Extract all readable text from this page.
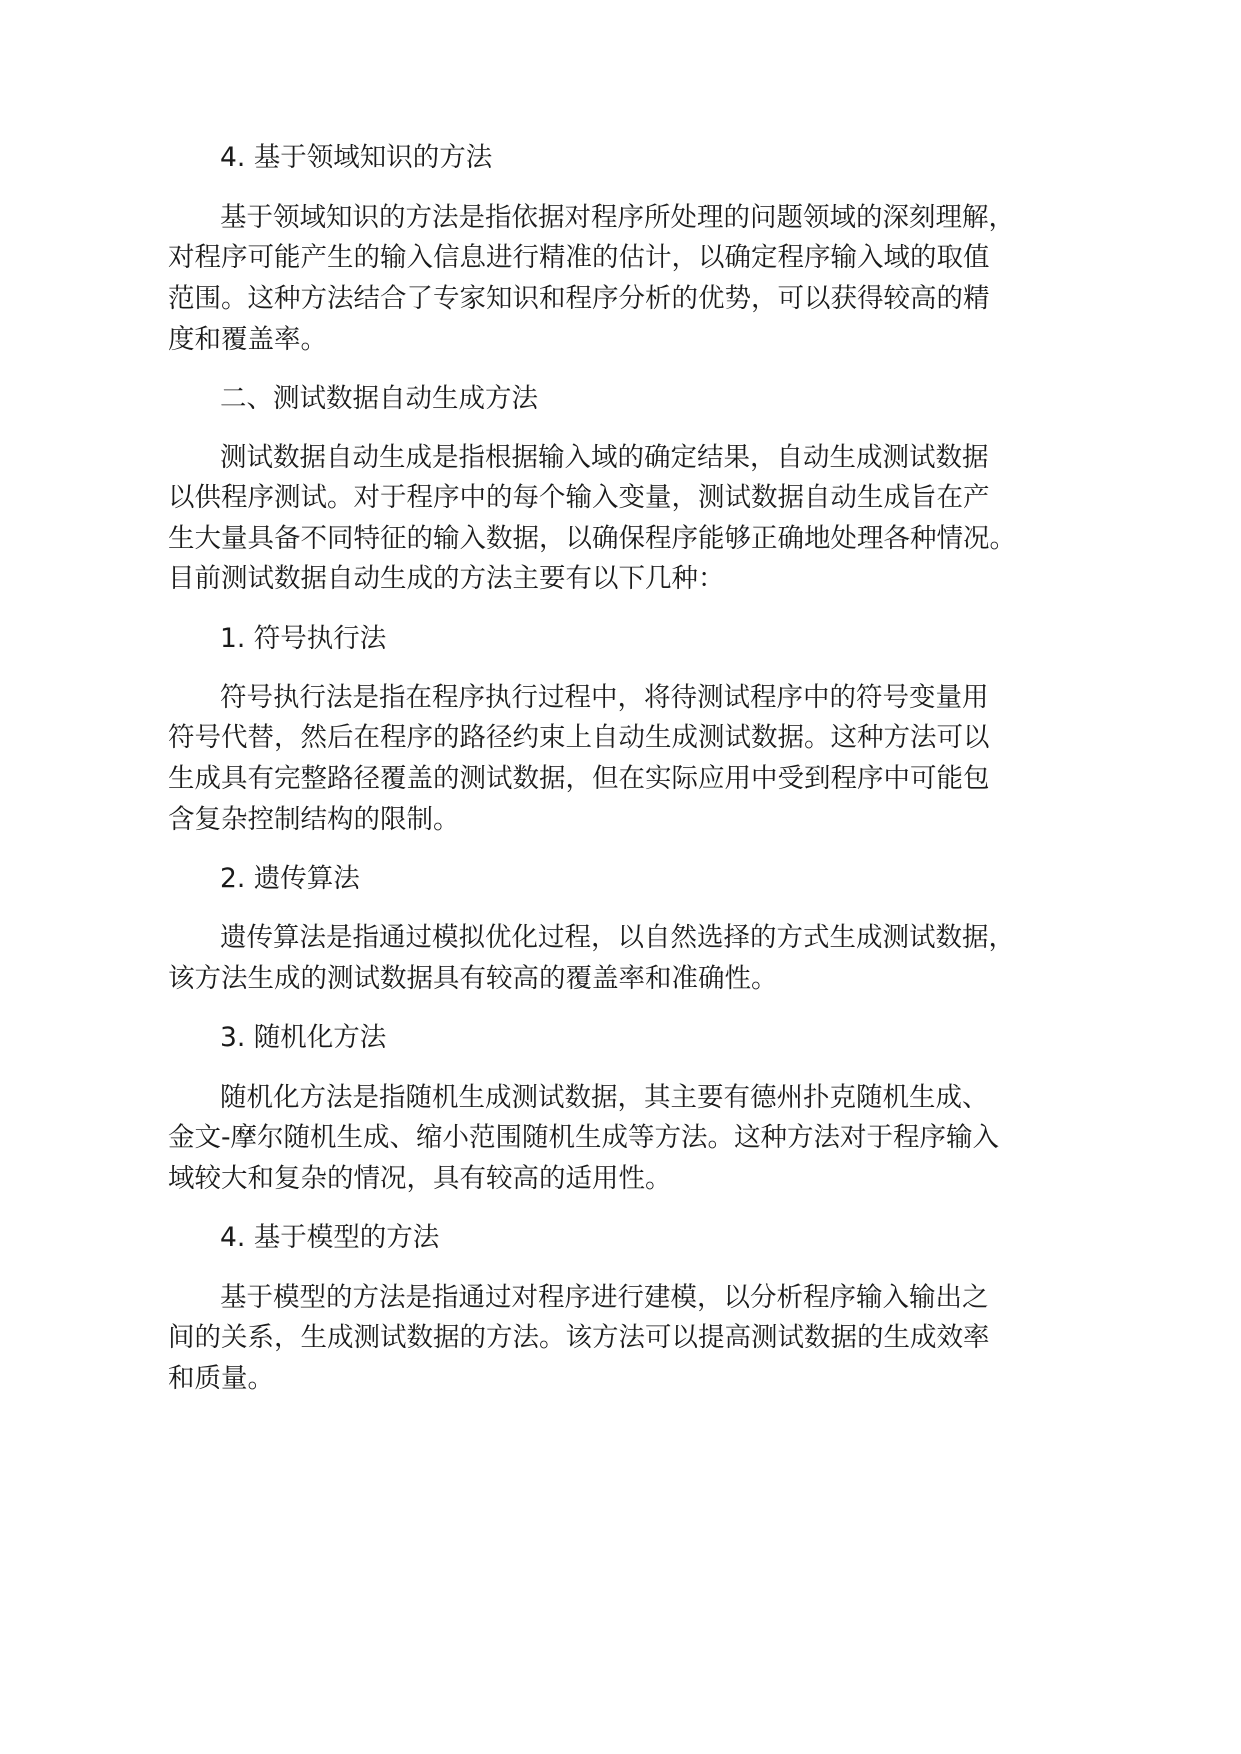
4. 基于领域知识的方法

基于领域知识的方法是指依据对程序所处理的问题领域的深刻理解，

对程序可能产生的输入信息进行精准的估计，以确定程序输入域的取值

范围。这种方法结合了专家知识和程序分析的优势，可以获得较高的精

度和覆盖率。

二、测试数据自动生成方法

测试数据自动生成是指根据输入域的确定结果，自动生成测试数据

以供程序测试。对于程序中的每个输入变量，测试数据自动生成旨在产

生大量具备不同特征的输入数据，以确保程序能够正确地处理各种情况。

目前测试数据自动生成的方法主要有以下几种：

1. 符号执行法

符号执行法是指在程序执行过程中，将待测试程序中的符号变量用

符号代替，然后在程序的路径约束上自动生成测试数据。这种方法可以

生成具有完整路径覆盖的测试数据，但在实际应用中受到程序中可能包

含复杂控制结构的限制。

2. 遗传算法

遗传算法是指通过模拟优化过程，以自然选择的方式生成测试数据，

该方法生成的测试数据具有较高的覆盖率和准确性。

3. 随机化方法

随机化方法是指随机生成测试数据，其主要有德州扑克随机生成、

金文-摩尔随机生成、缩小范围随机生成等方法。这种方法对于程序输入

域较大和复杂的情况，具有较高的适用性。

4. 基于模型的方法

基于模型的方法是指通过对程序进行建模，以分析程序输入输出之

间的关系，生成测试数据的方法。该方法可以提高测试数据的生成效率

和质量。
